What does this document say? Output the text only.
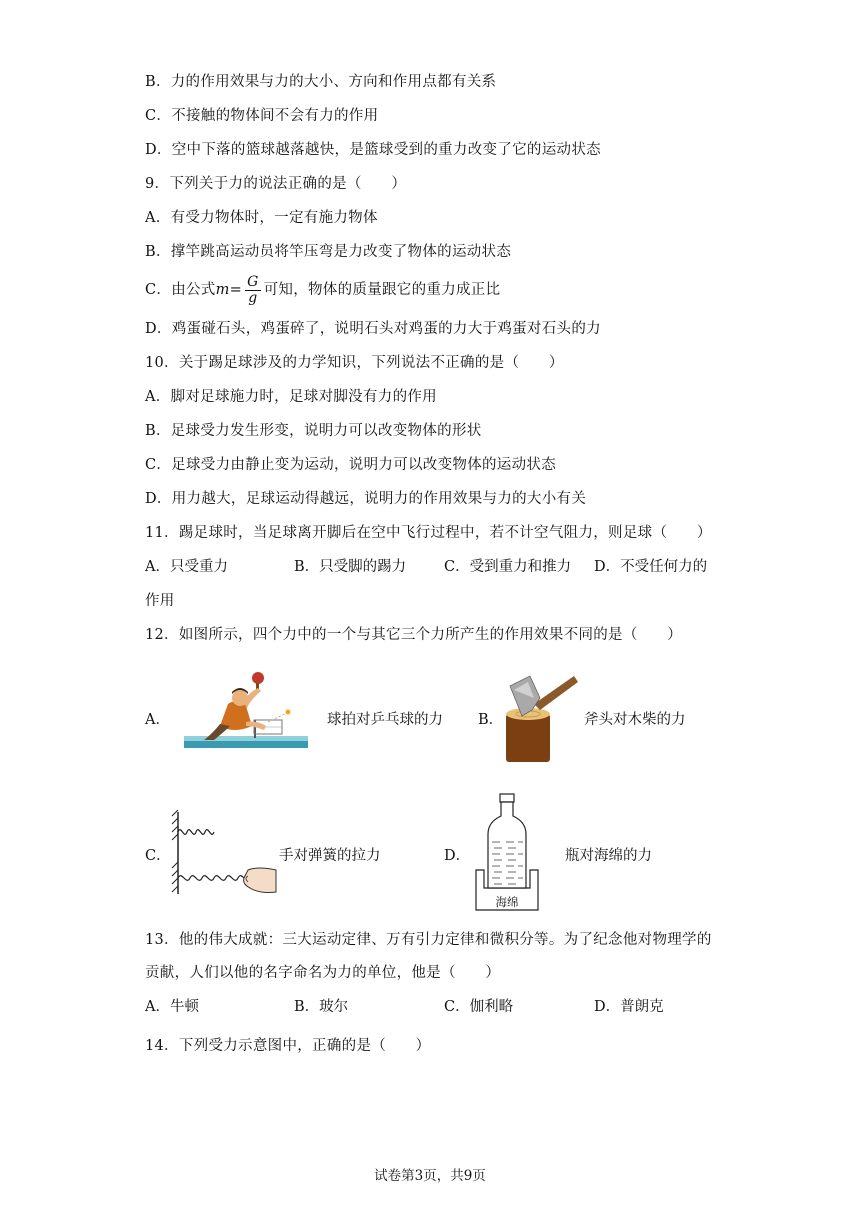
B．力的作用效果与力的大小、方向和作用点都有关系
C．不接触的物体间不会有力的作用
D．空中下落的篮球越落越快，是篮球受到的重力改变了它的运动状态
9．下列关于力的说法正确的是（　　）
A．有受力物体时，一定有施力物体
B．撑竿跳高运动员将竿压弯是力改变了物体的运动状态
C．由公式$m= \frac{G}{g}$ 可知，物体的质量跟它的重力成正比
D．鸡蛋碰石头，鸡蛋碎了，说明石头对鸡蛋的力大于鸡蛋对石头的力
10．关于踢足球涉及的力学知识，下列说法不正确的是（　　）
A．脚对足球施力时，足球对脚没有力的作用
B．足球受力发生形变，说明力可以改变物体的形状
C．足球受力由静止变为运动，说明力可以改变物体的运动状态
D．用力越大，足球运动得越远，说明力的作用效果与力的大小有关
11．踢足球时，当足球离开脚后在空中飞行过程中，若不计空气阻力，则足球（　　）
A．只受重力	B．只受脚的踢力	C．受到重力和推力 D．不受任何力的
作用
12．如图所示，四个力中的一个与其它三个力所产生的作用效果不同的是（　　）
A．	球拍对乒乓球的力 B．	斧头对木柴的力
C．	手对弹簧的拉力	D．
海绵
瓶对海绵的力
13．他的伟大成就：三大运动定律、万有引力定律和微积分等。为了纪念他对物理学的
贡献，人们以他的名字命名为力的单位，他是（　　）
A．牛顿	B．玻尔	C．伽利略	D．普朗克
14．下列受力示意图中，正确的是（　　）
试卷第3页，共9页
